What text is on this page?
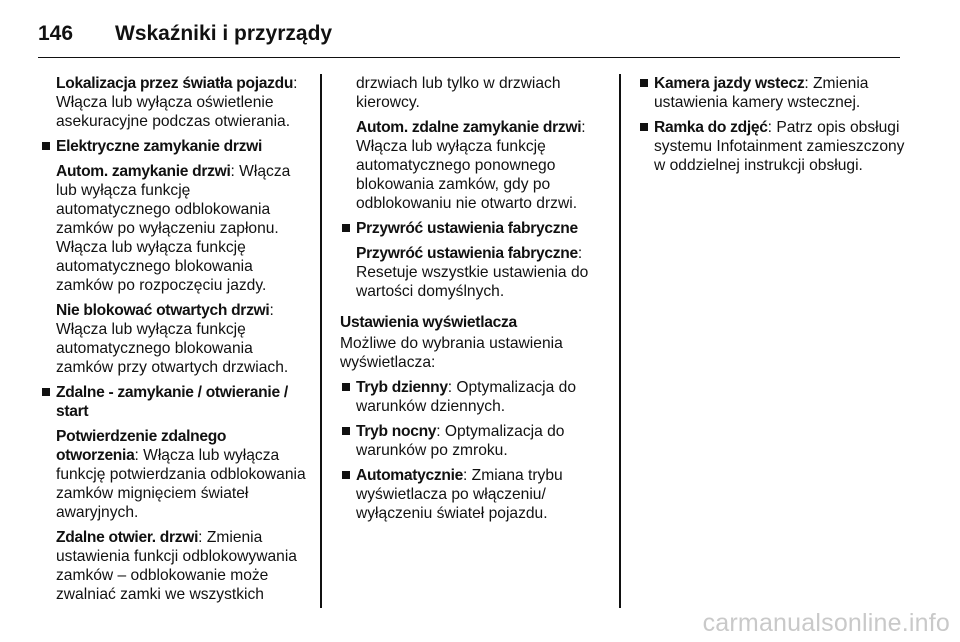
146 Wskaźniki i przyrządy

Lokalizacja przez światła pojazdu: Włącza lub wyłącza oświetlenie asekuracyjne podczas otwierania.

Elektryczne zamykanie drzwi

Autom. zamykanie drzwi: Włącza lub wyłącza funkcję automatycznego odblokowania zamków po wyłączeniu zapłonu. Włącza lub wyłącza funkcję automatycznego blokowania zamków po rozpoczęciu jazdy.

Nie blokować otwartych drzwi: Włącza lub wyłącza funkcję automatycznego blokowania zamków przy otwartych drzwiach.

Zdalne - zamykanie / otwieranie / start

Potwierdzenie zdalnego otworzenia: Włącza lub wyłącza funkcję potwierdzania odblokowania zamków mignięciem świateł awaryjnych.

Zdalne otwier. drzwi: Zmienia ustawienia funkcji odblokowywania zamków – odblokowanie może zwalniać zamki we wszystkich

drzwiach lub tylko w drzwiach kierowcy.

Autom. zdalne zamykanie drzwi: Włącza lub wyłącza funkcję automatycznego ponownego blokowania zamków, gdy po odblokowaniu nie otwarto drzwi.

Przywróć ustawienia fabryczne

Przywróć ustawienia fabryczne: Resetuje wszystkie ustawienia do wartości domyślnych.

Ustawienia wyświetlacza

Możliwe do wybrania ustawienia wyświetlacza:

Tryb dzienny: Optymalizacja do warunków dziennych.
Tryb nocny: Optymalizacja do warunków po zmroku.
Automatycznie: Zmiana trybu wyświetlacza po włączeniu/ wyłączeniu świateł pojazdu.
Kamera jazdy wstecz: Zmienia ustawienia kamery wstecznej.
Ramka do zdjęć: Patrz opis obsługi systemu Infotainment zamieszczony w oddzielnej instrukcji obsługi.
carmanualsonline.info
